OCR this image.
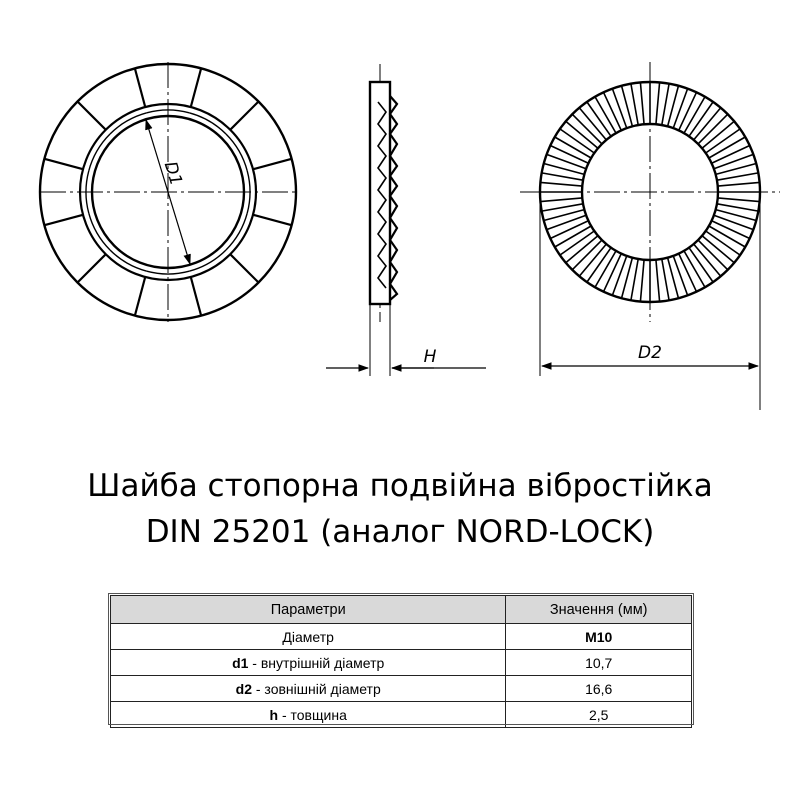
D1
H	D2
Шайба стопорна подвійна вібростійка
DIN 25201 (аналог NORD-LOCK)
Параметри	Значення (мм)
Діаметр	M10
d1 - внутрішній діаметр	10,7
d2 - зовнішній діаметр	16,6
h - товщина	2,5
